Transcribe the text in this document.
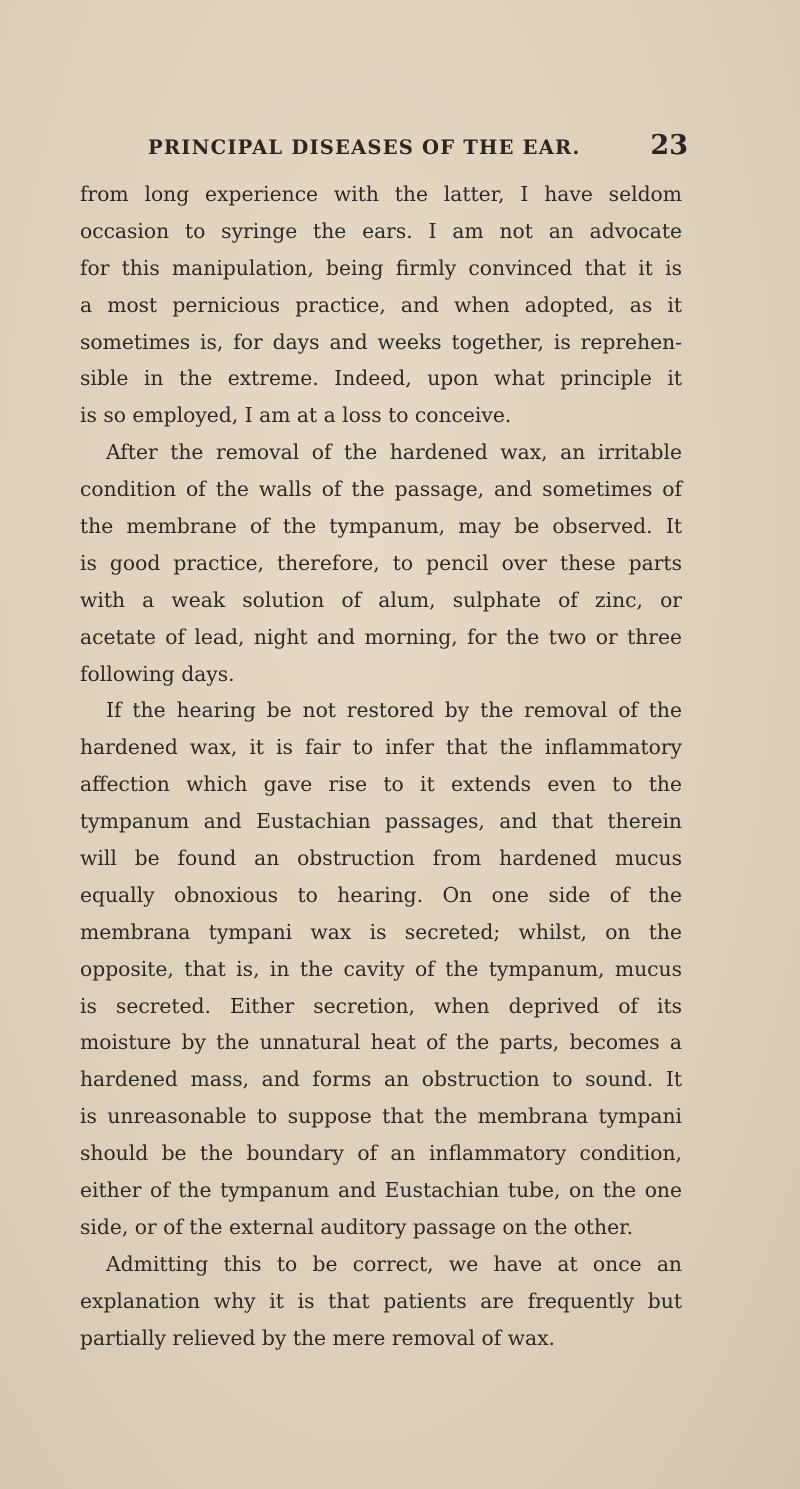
PRINCIPAL DISEASES OF THE EAR.	23
from long experience with the latter, I have seldom
occasion to syringe the ears. I am not an advocate
for this manipulation, being firmly convinced that it is
a most pernicious practice, and when adopted, as it
sometimes is, for days and weeks together, is reprehen-
sible in the extreme. Indeed, upon what principle it
is so employed, I am at a loss to conceive.
After the removal of the hardened wax, an irritable
condition of the walls of the passage, and sometimes of
the membrane of the tympanum, may be observed. It
is good practice, therefore, to pencil over these parts
with a weak solution of alum, sulphate of zinc, or
acetate of lead, night and morning, for the two or three
following days.
If the hearing be not restored by the removal of the
hardened wax, it is fair to infer that the inflammatory
affection which gave rise to it extends even to the
tympanum and Eustachian passages, and that therein
will be found an obstruction from hardened mucus
equally obnoxious to hearing. On one side of the
membrana tympani wax is secreted; whilst, on the
opposite, that is, in the cavity of the tympanum, mucus
is secreted. Either secretion, when deprived of its
moisture by the unnatural heat of the parts, becomes a
hardened mass, and forms an obstruction to sound. It
is unreasonable to suppose that the membrana tympani
should be the boundary of an inflammatory condition,
either of the tympanum and Eustachian tube, on the one
side, or of the external auditory passage on the other.
Admitting this to be correct, we have at once an
explanation why it is that patients are frequently but
partially relieved by the mere removal of wax.
